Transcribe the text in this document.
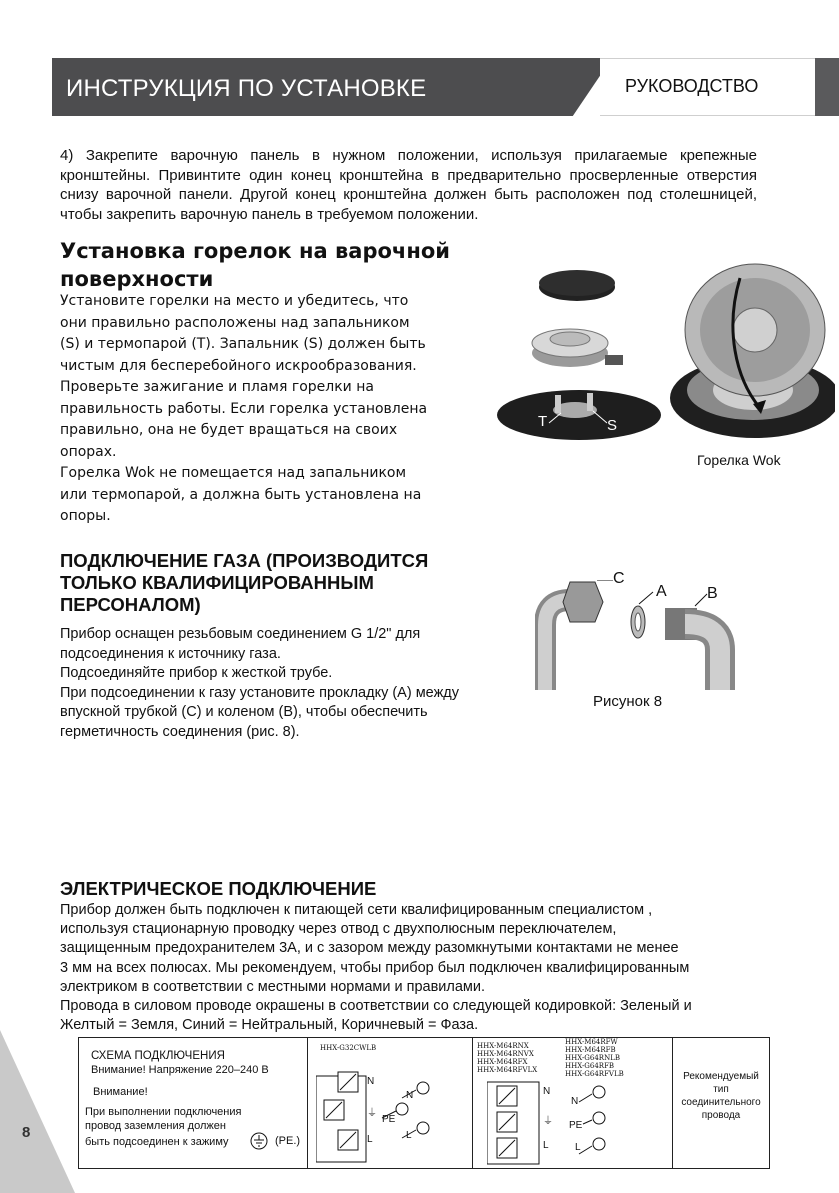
ИНСТРУКЦИЯ ПО УСТАНОВКЕ	РУКОВОДСТВО
4) Закрепите варочную панель в нужном положении, используя прилагаемые крепежные кронштейны. Привинтите один конец кронштейна в предварительно просверленные отверстия снизу варочной панели. Другой конец кронштейна должен быть расположен под столешницей, чтобы закрепить варочную панель в требуемом положении.
Установка горелок на варочной
поверхности
Установите горелки на место и убедитесь, что
они правильно расположены над запальником
(S) и термопарой (T). Запальник (S) должен быть
чистым для бесперебойного искрообразования.
Проверьте зажигание и пламя горелки на
правильность работы. Если горелка установлена
правильно, она не будет вращаться на своих
опорах.
Горелка Wok не помещается над запальником
или термопарой, а должна быть установлена на
опоры.
T	S
Горелка Wok
ПОДКЛЮЧЕНИЕ ГАЗА (ПРОИЗВОДИТСЯ
ТОЛЬКО КВАЛИФИЦИРОВАННЫМ
ПЕРСОНАЛОМ)
Прибор оснащен резьбовым соединением G 1/2" для
подсоединения к источнику газа.
Подсоединяйте прибор к жесткой трубе.
При подсоединении к газу установите прокладку (А) между
впускной трубкой (С) и коленом (В), чтобы обеспечить
герметичность соединения (рис. 8).
C
A	B
Рисунок 8
ЭЛЕКТРИЧЕСКОЕ ПОДКЛЮЧЕНИЕ
Прибор должен быть подключен к питающей сети квалифицированным специалистом ,
используя стационарную проводку через отвод с двухполюсным переключателем,
защищенным предохранителем 3А, и с зазором между разомкнутыми контактами не менее
3 мм на всех полюсах. Мы рекомендуем, чтобы прибор был подключен квалифицированным
электриком в соответствии с местными нормами и правилами.
Провода в силовом проводе окрашены в соответствии со следующей кодировкой: Зеленый и
Желтый = Земля, Синий = Нейтральный, Коричневый = Фаза.
8
СХЕМА ПОДКЛЮЧЕНИЯ
Внимание! Напряжение 220–240 В
Внимание!
При выполнении подключения
провод заземления должен
быть подсоединен к зажиму	(PE.)
HHX-G32CWLB
N
⏚
L
N
PE
L
HHX-M64RNX
HHX-M64RNVX
HHX-M64RFX
HHX-M64RFVLX
HHX-M64RFW
HHX-M64RFB
HHX-G64RNLB
HHX-G64RFB
HHX-G64RFVLB
N
⏚
L
N
PE
L
Рекомендуемый
тип
соединительного
провода
